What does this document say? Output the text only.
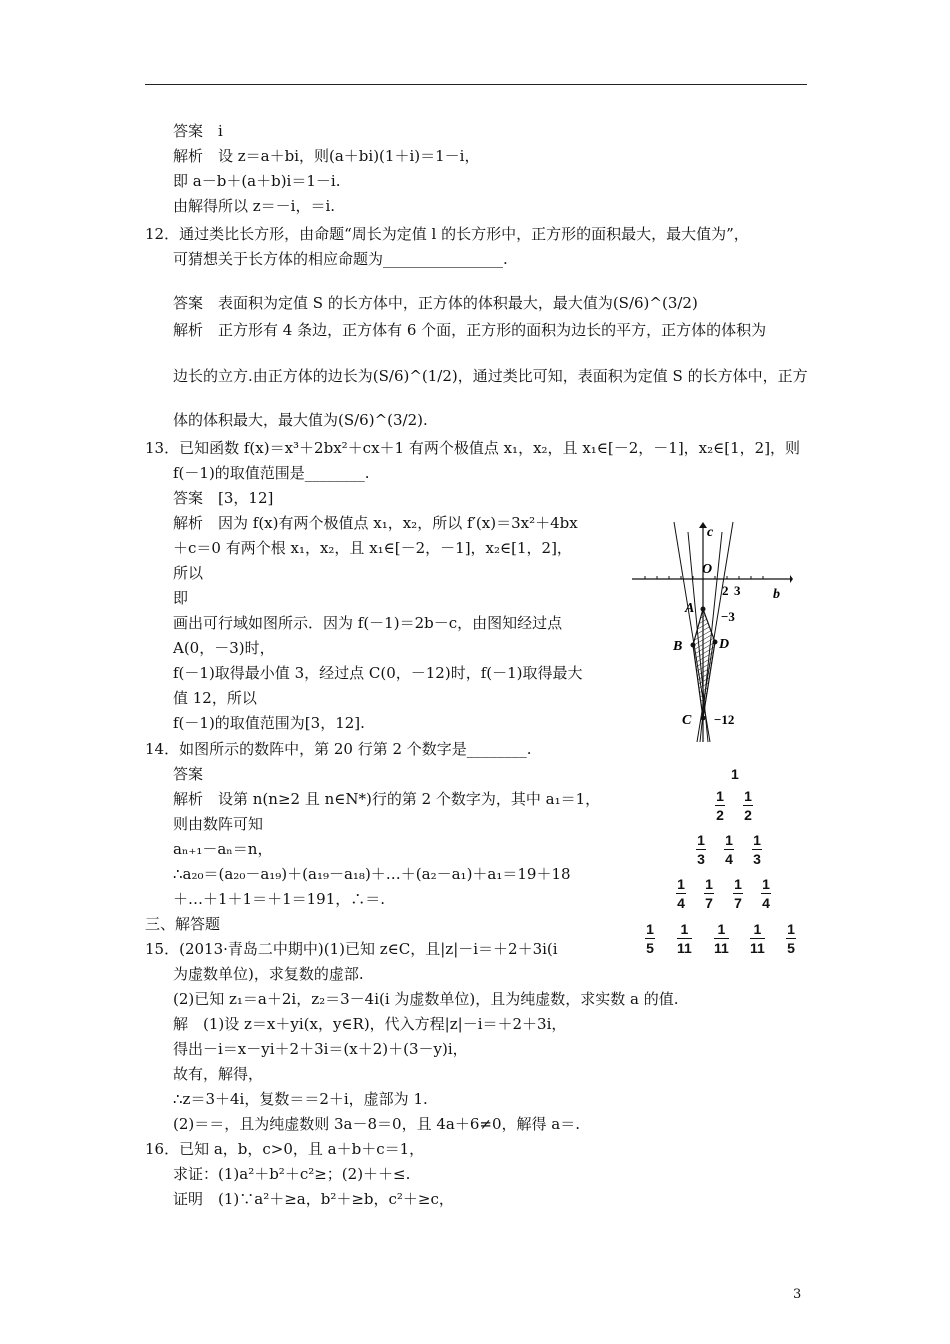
答案　i
解析　设 z＝a＋bi，则(a＋bi)(1＋i)＝1－i，
即 a－b＋(a＋b)i＝1－i.
由解得所以 z＝－i，＝i.
12．通过类比长方形，由命题“周长为定值 l 的长方形中，正方形的面积最大，最大值为”，
可猜想关于长方体的相应命题为________________.
答案　表面积为定值 S 的长方体中，正方体的体积最大，最大值为(S/6)^(3/2)
解析　正方形有 4 条边，正方体有 6 个面，正方形的面积为边长的平方，正方体的体积为
边长的立方.由正方体的边长为(S/6)^(1/2)，通过类比可知，表面积为定值 S 的长方体中，正方
体的体积最大，最大值为(S/6)^(3/2).
13．已知函数 f(x)＝x³＋2bx²＋cx＋1 有两个极值点 x₁，x₂，且 x₁∈[－2，－1]，x₂∈[1，2]，则
f(－1)的取值范围是________.
答案　[3，12]
解析　因为 f(x)有两个极值点 x₁，x₂，所以 f′(x)＝3x²＋4bx
＋c＝0 有两个根 x₁，x₂，且 x₁∈[－2，－1]，x₂∈[1，2]，
所以
即
画出可行域如图所示．因为 f(－1)＝2b－c，由图知经过点
A(0，－3)时，
f(－1)取得最小值 3，经过点 C(0，－12)时，f(－1)取得最大
值 12，所以
f(－1)的取值范围为[3，12].
14．如图所示的数阵中，第 20 行第 2 个数字是________.
答案
解析　设第 n(n≥2 且 n∈N*)行的第 2 个数字为，其中 a₁＝1，
则由数阵可知
aₙ₊₁－aₙ＝n，
∴a₂₀＝(a₂₀－a₁₉)＋(a₁₉－a₁₈)＋…＋(a₂－a₁)＋a₁＝19＋18
＋…＋1＋1＝＋1＝191，∴＝.
三、解答题
15．(2013·青岛二中期中)(1)已知 z∈C，且|z|－i＝＋2＋3i(i
为虚数单位)，求复数的虚部.
(2)已知 z₁＝a＋2i，z₂＝3－4i(i 为虚数单位)，且为纯虚数，求实数 a 的值.
解　(1)设 z＝x＋yi(x，y∈R)，代入方程|z|－i＝＋2＋3i，
得出－i＝x－yi＋2＋3i＝(x＋2)＋(3－y)i，
故有，解得，
∴z＝3＋4i，复数＝＝2＋i，虚部为 1.
(2)＝＝，且为纯虚数则 3a－8＝0，且 4a＋6≠0，解得 a＝.
16．已知 a，b，c>0，且 a＋b＋c＝1，
求证：(1)a²＋b²＋c²≥；(2)＋＋≤.
证明　(1)∵a²＋≥a，b²＋≥b，c²＋≥c，
c
b
O
2 3
−3
−12
A
B
C
D
1
1
2
1
2
1
3
1
4
1
3
1
4
1
7
1
7
1
4
1
5
1
11
1
11
1
11
1
5
3
